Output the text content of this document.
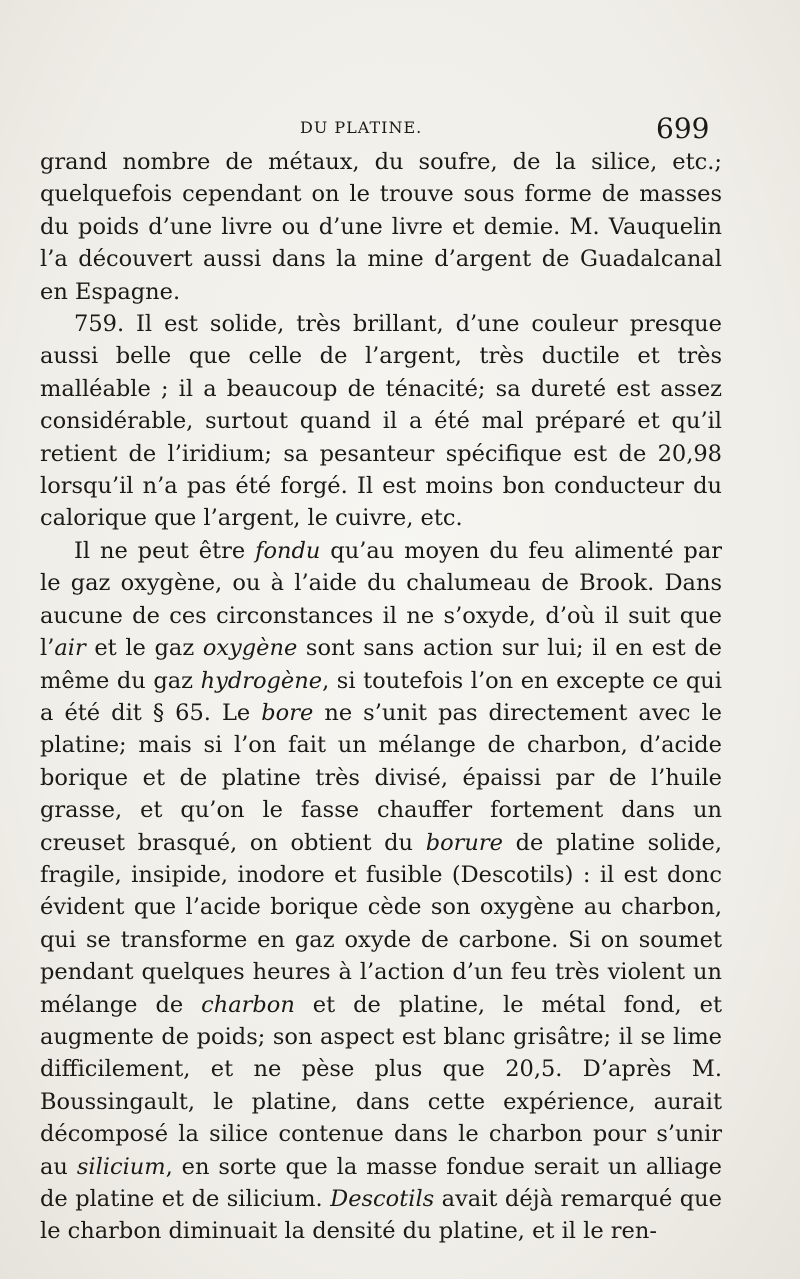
DU PLATINE.	699

grand nombre de métaux, du soufre, de la silice, etc.; quelquefois cependant on le trouve sous forme de masses du poids d’une livre ou d’une livre et demie. M. Vauquelin l’a découvert aussi dans la mine d’argent de Guadalcanal en Espagne.

759. Il est solide, très brillant, d’une couleur presque aussi belle que celle de l’argent, très ductile et très malléable ; il a beaucoup de ténacité; sa dureté est assez considérable, surtout quand il a été mal préparé et qu’il retient de l’iridium; sa pesanteur spécifique est de 20,98 lorsqu’il n’a pas été forgé. Il est moins bon conducteur du calorique que l’argent, le cuivre, etc.

Il ne peut être fondu qu’au moyen du feu alimenté par le gaz oxygène, ou à l’aide du chalumeau de Brook. Dans aucune de ces circonstances il ne s’oxyde, d’où il suit que l’air et le gaz oxygène sont sans action sur lui; il en est de même du gaz hydrogène, si toutefois l’on en excepte ce qui a été dit § 65. Le bore ne s’unit pas directement avec le platine; mais si l’on fait un mélange de charbon, d’acide borique et de platine très divisé, épaissi par de l’huile grasse, et qu’on le fasse chauffer fortement dans un creuset brasqué, on obtient du borure de platine solide, fragile, insipide, inodore et fusible (Descotils) : il est donc évident que l’acide borique cède son oxygène au charbon, qui se transforme en gaz oxyde de carbone. Si on soumet pendant quelques heures à l’action d’un feu très violent un mélange de charbon et de platine, le métal fond, et augmente de poids; son aspect est blanc grisâtre; il se lime difficilement, et ne pèse plus que 20,5. D’après M. Boussingault, le platine, dans cette expérience, aurait décomposé la silice contenue dans le charbon pour s’unir au silicium, en sorte que la masse fondue serait un alliage de platine et de silicium. Descotils avait déjà remarqué que le charbon diminuait la densité du platine, et il le ren-
